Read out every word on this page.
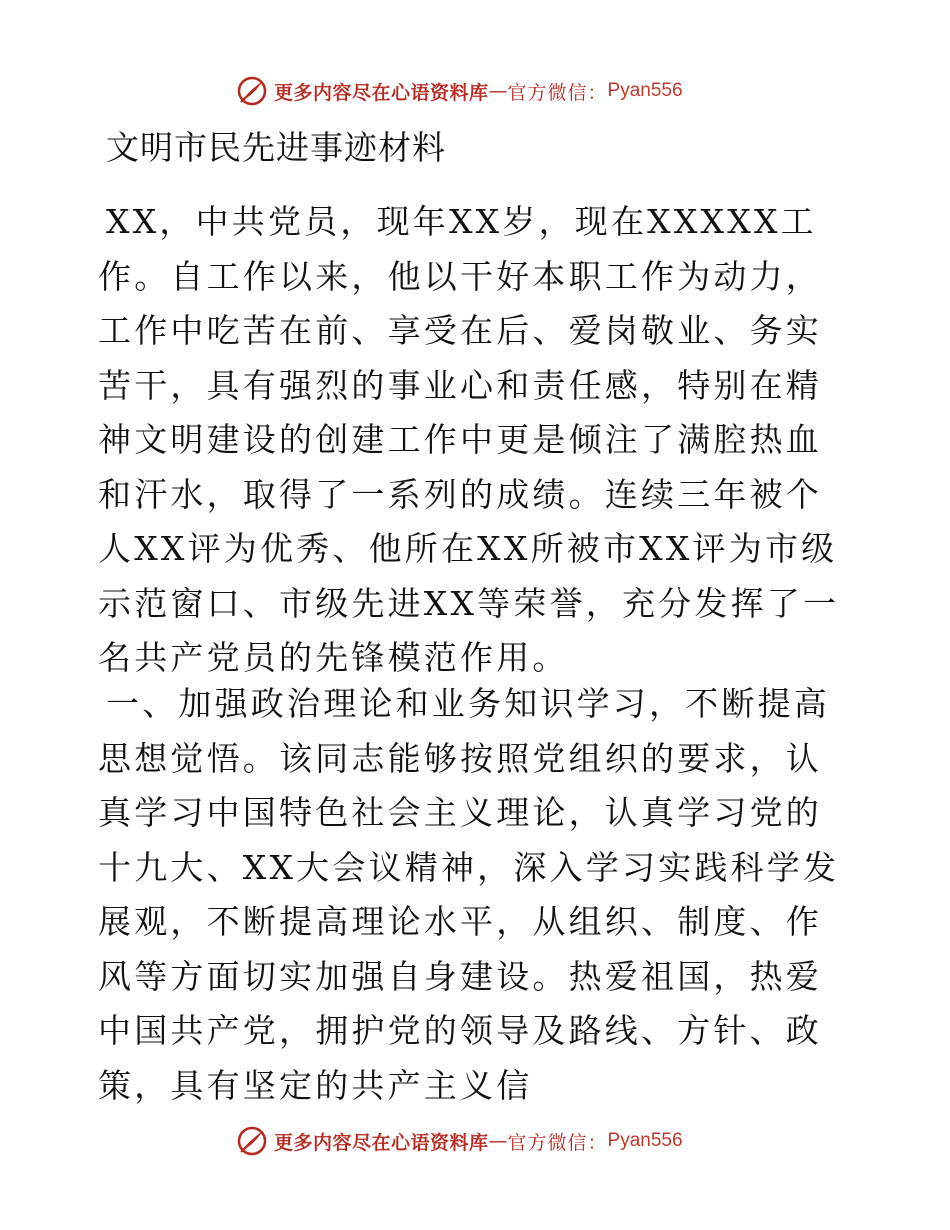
更多内容尽在心语资料库 — 官方微信： Pyan556
文明市民先进事迹材料

XX，中共党员，现年XX岁，现在XXXXX工作。自工作以来，他以干好本职工作为动力，工作中吃苦在前、享受在后、爱岗敬业、务实苦干，具有强烈的事业心和责任感，特别在精神文明建设的创建工作中更是倾注了满腔热血和汗水，取得了一系列的成绩。连续三年被个人XX评为优秀、他所在XX所被市XX评为市级示范窗口、市级先进XX等荣誉，充分发挥了一名共产党员的先锋模范作用。

一、加强政治理论和业务知识学习，不断提高思想觉悟。该同志能够按照党组织的要求，认真学习中国特色社会主义理论，认真学习党的十九大、XX大会议精神，深入学习实践科学发展观，不断提高理论水平，从组织、制度、作风等方面切实加强自身建设。热爱祖国，热爱中国共产党，拥护党的领导及路线、方针、政策，具有坚定的共产主义信

更多内容尽在心语资料库 — 官方微信： Pyan556
